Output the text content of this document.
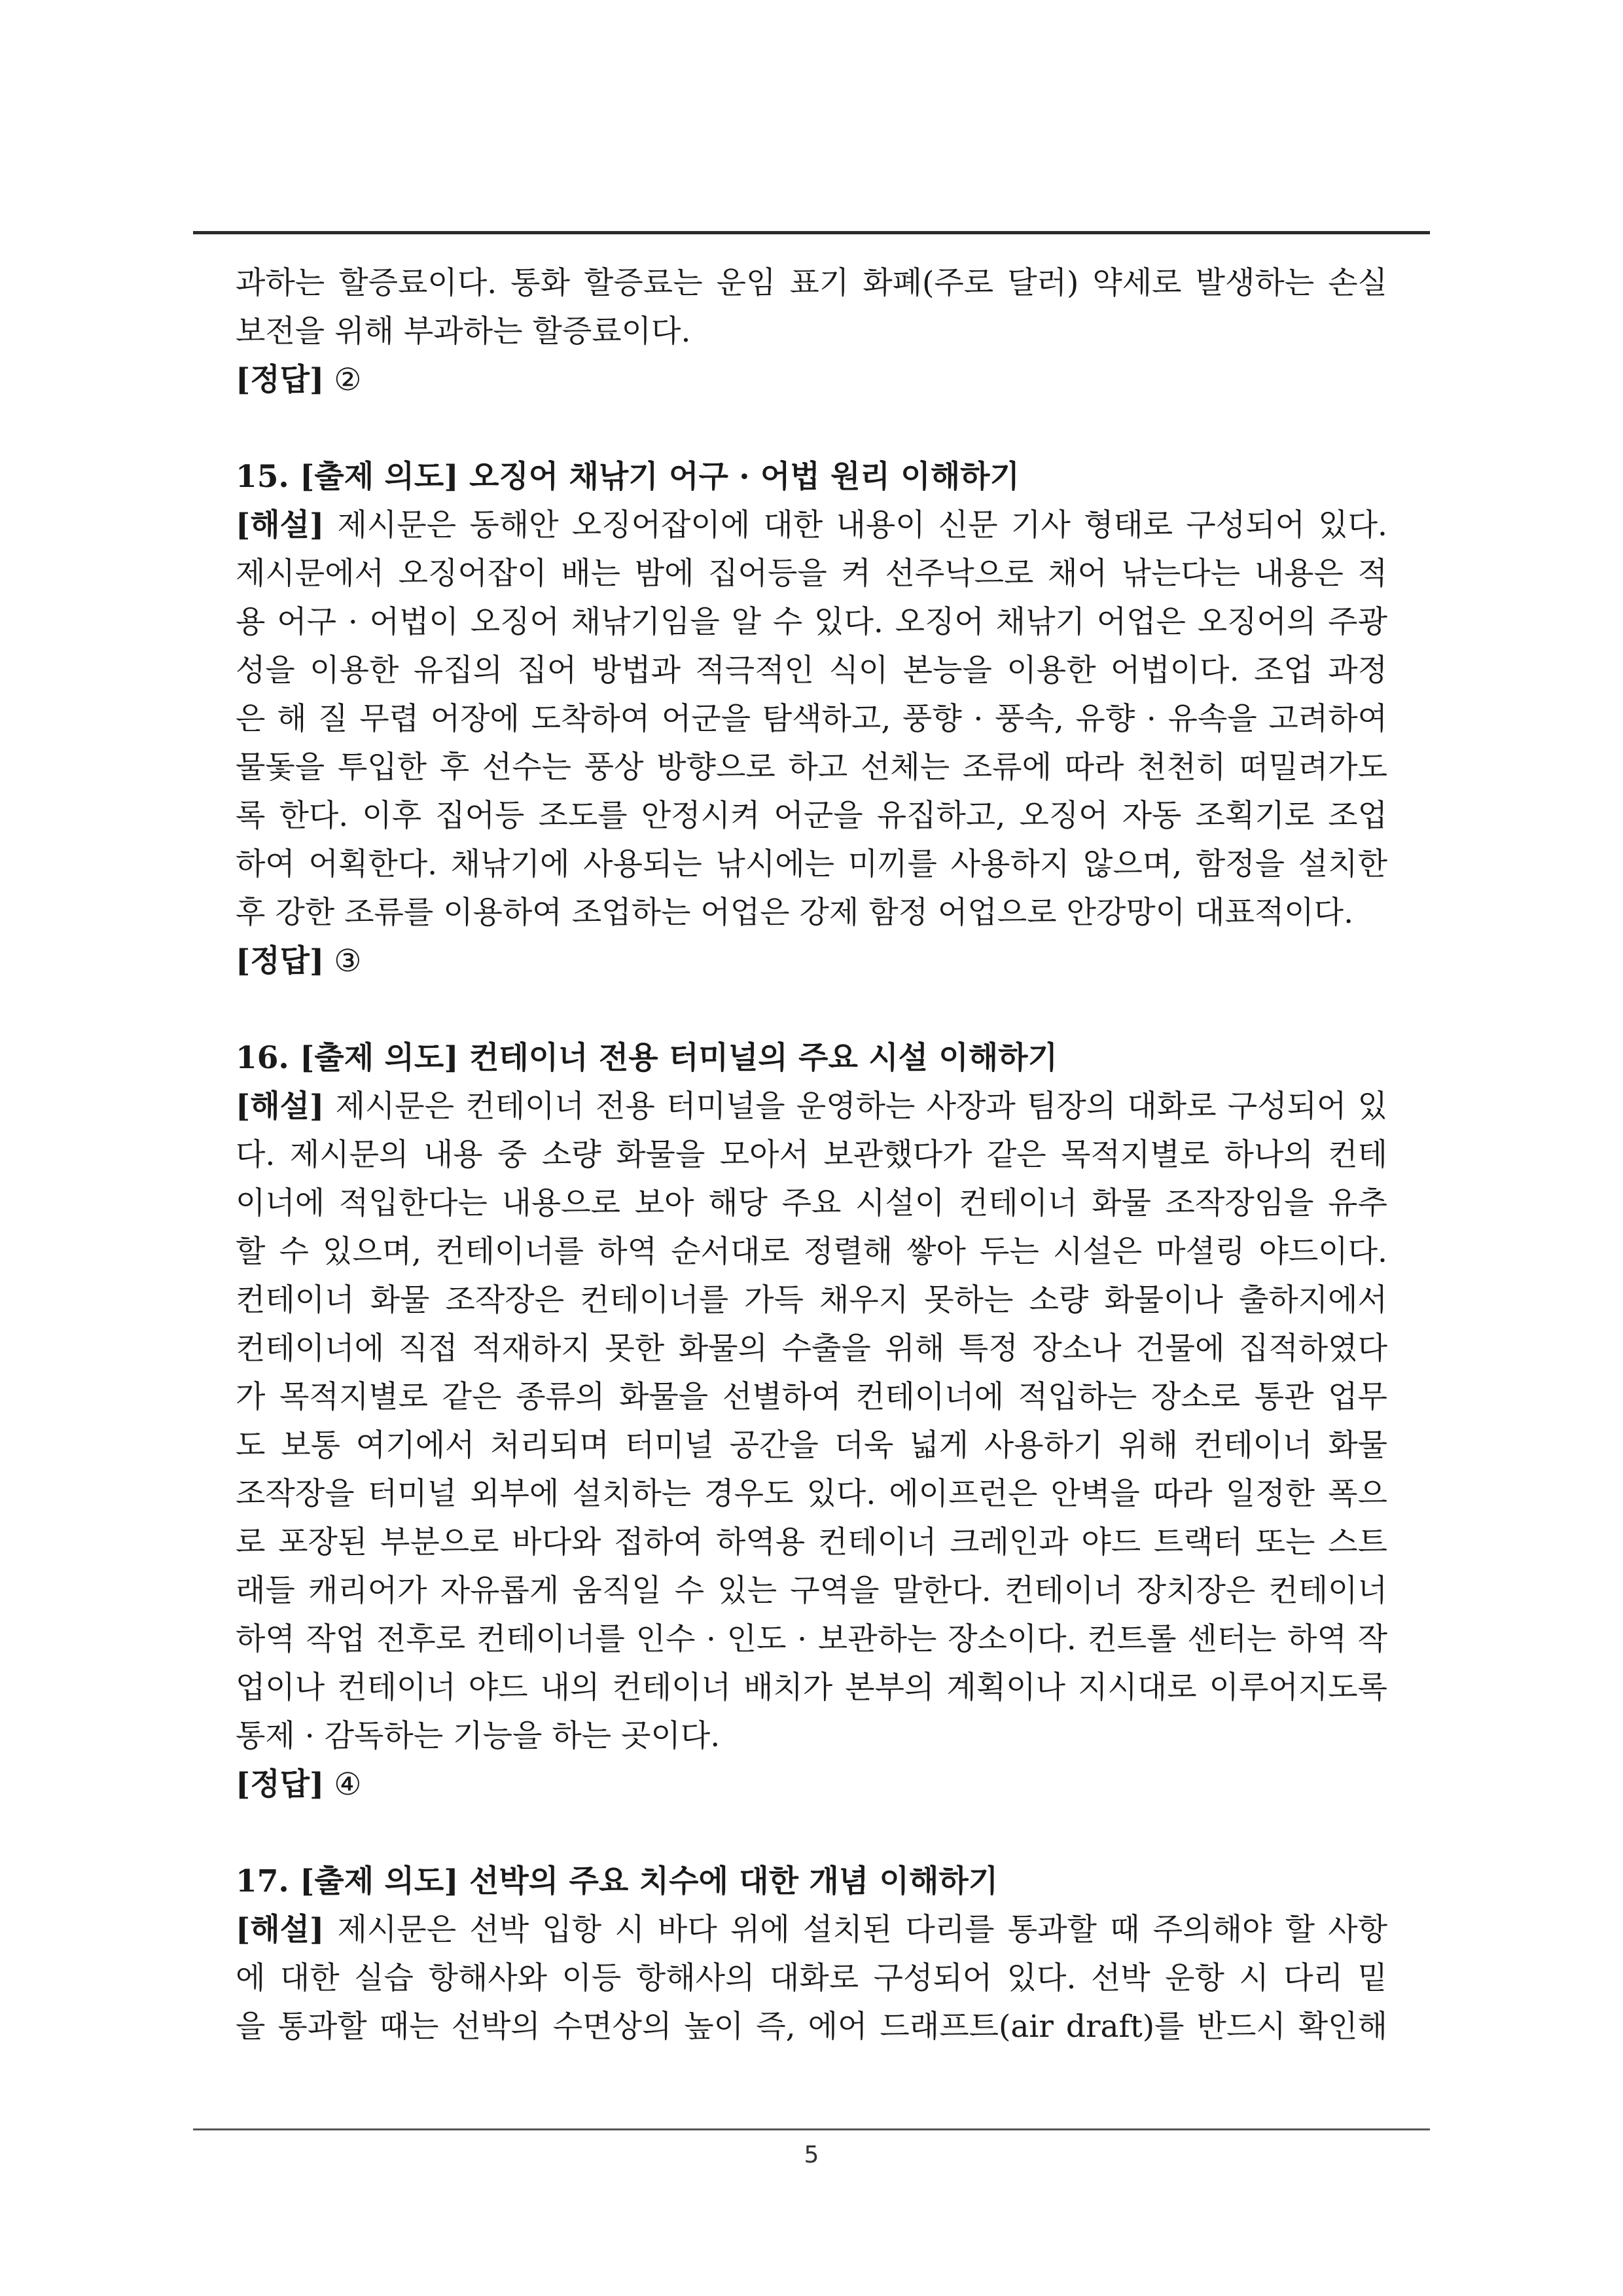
과하는 할증료이다. 통화 할증료는 운임 표기 화폐(주로 달러) 약세로 발생하는 손실
보전을 위해 부과하는 할증료이다.
[정답] ②
15. [출제 의도] 오징어 채낚기 어구 · 어법 원리 이해하기
[해설] 제시문은 동해안 오징어잡이에 대한 내용이 신문 기사 형태로 구성되어 있다.
제시문에서 오징어잡이 배는 밤에 집어등을 켜 선주낙으로 채어 낚는다는 내용은 적
용 어구 · 어법이 오징어 채낚기임을 알 수 있다. 오징어 채낚기 어업은 오징어의 주광
성을 이용한 유집의 집어 방법과 적극적인 식이 본능을 이용한 어법이다. 조업 과정
은 해 질 무렵 어장에 도착하여 어군을 탐색하고, 풍향 · 풍속, 유향 · 유속을 고려하여
물돛을 투입한 후 선수는 풍상 방향으로 하고 선체는 조류에 따라 천천히 떠밀려가도
록 한다. 이후 집어등 조도를 안정시켜 어군을 유집하고, 오징어 자동 조획기로 조업
하여 어획한다. 채낚기에 사용되는 낚시에는 미끼를 사용하지 않으며, 함정을 설치한
후 강한 조류를 이용하여 조업하는 어업은 강제 함정 어업으로 안강망이 대표적이다.
[정답] ③
16. [출제 의도] 컨테이너 전용 터미널의 주요 시설 이해하기
[해설] 제시문은 컨테이너 전용 터미널을 운영하는 사장과 팀장의 대화로 구성되어 있
다. 제시문의 내용 중 소량 화물을 모아서 보관했다가 같은 목적지별로 하나의 컨테
이너에 적입한다는 내용으로 보아 해당 주요 시설이 컨테이너 화물 조작장임을 유추
할 수 있으며, 컨테이너를 하역 순서대로 정렬해 쌓아 두는 시설은 마셜링 야드이다.
컨테이너 화물 조작장은 컨테이너를 가득 채우지 못하는 소량 화물이나 출하지에서
컨테이너에 직접 적재하지 못한 화물의 수출을 위해 특정 장소나 건물에 집적하였다
가 목적지별로 같은 종류의 화물을 선별하여 컨테이너에 적입하는 장소로 통관 업무
도 보통 여기에서 처리되며 터미널 공간을 더욱 넓게 사용하기 위해 컨테이너 화물
조작장을 터미널 외부에 설치하는 경우도 있다. 에이프런은 안벽을 따라 일정한 폭으
로 포장된 부분으로 바다와 접하여 하역용 컨테이너 크레인과 야드 트랙터 또는 스트
래들 캐리어가 자유롭게 움직일 수 있는 구역을 말한다. 컨테이너 장치장은 컨테이너
하역 작업 전후로 컨테이너를 인수 · 인도 · 보관하는 장소이다. 컨트롤 센터는 하역 작
업이나 컨테이너 야드 내의 컨테이너 배치가 본부의 계획이나 지시대로 이루어지도록
통제 · 감독하는 기능을 하는 곳이다.
[정답] ④
17. [출제 의도] 선박의 주요 치수에 대한 개념 이해하기
[해설] 제시문은 선박 입항 시 바다 위에 설치된 다리를 통과할 때 주의해야 할 사항
에 대한 실습 항해사와 이등 항해사의 대화로 구성되어 있다. 선박 운항 시 다리 밑
을 통과할 때는 선박의 수면상의 높이 즉, 에어 드래프트(air draft)를 반드시 확인해
5
